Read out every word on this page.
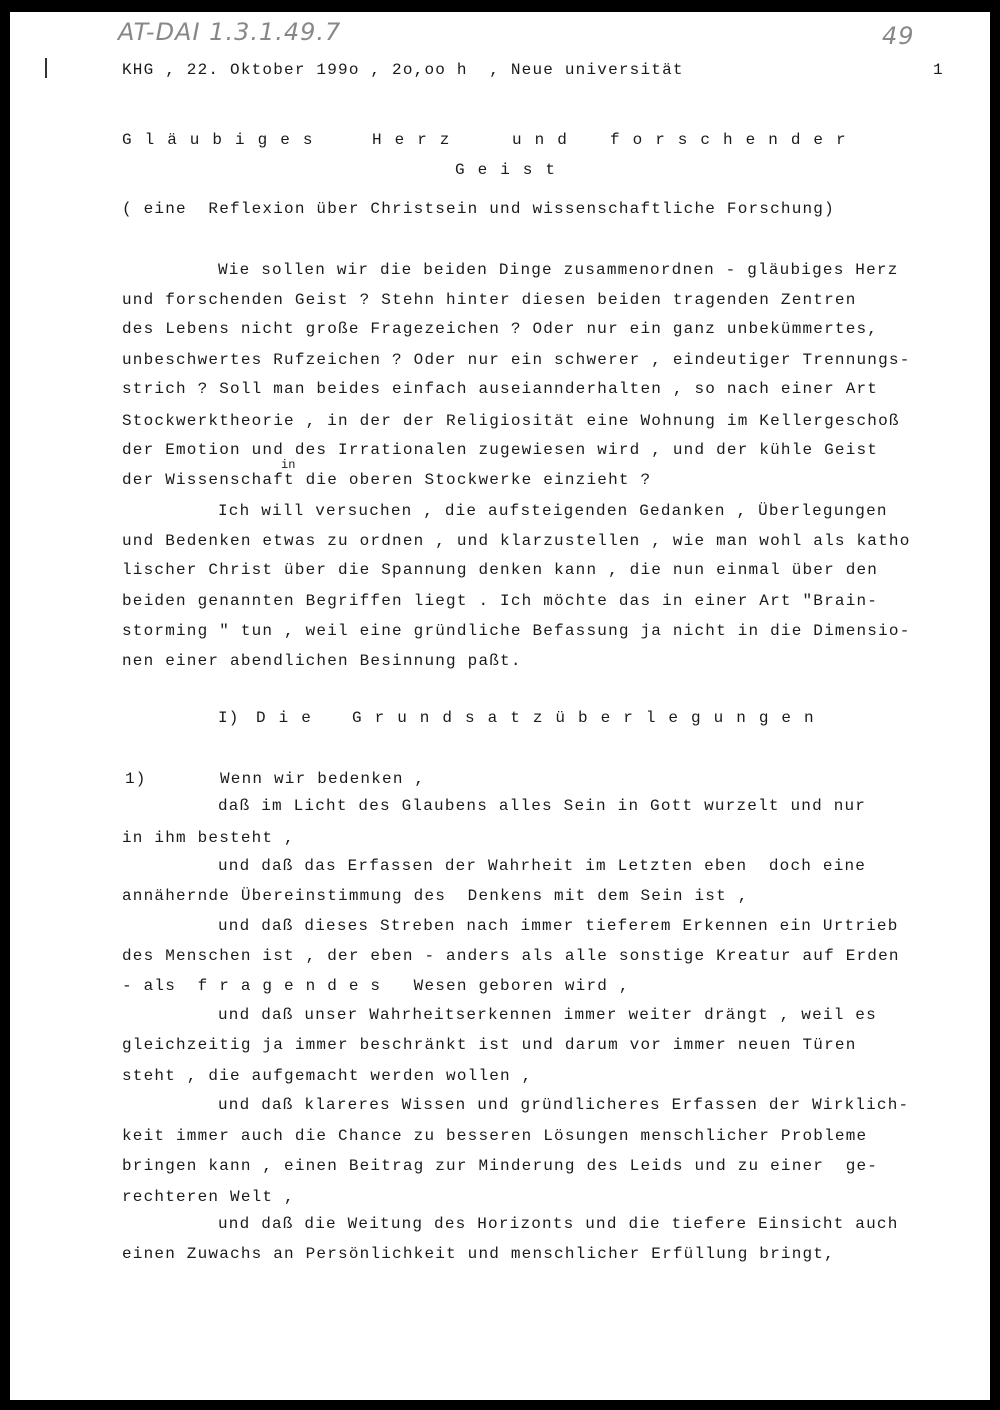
AT-DAI 1.3.1.49.7	49
KHG , 22. Oktober 199o , 2o,oo h  , Neue universität	1
Gläubiges	Herz	und forschender
Geist
( eine  Reflexion über Christsein und wissenschaftliche Forschung)
Wie sollen wir die beiden Dinge zusammenordnen - gläubiges Herz
und forschenden Geist ? Stehn hinter diesen beiden tragenden Zentren
des Lebens nicht große Fragezeichen ? Oder nur ein ganz unbekümmertes,
unbeschwertes Rufzeichen ? Oder nur ein schwerer , eindeutiger Trennungs-
strich ? Soll man beides einfach auseiannderhalten , so nach einer Art
Stockwerktheorie , in der der Religiosität eine Wohnung im Kellergeschoß
der Emotion und des Irrationalen zugewiesen wird , und der kühle Geist
in
der Wissenschaft die oberen Stockwerke einzieht ?
Ich will versuchen , die aufsteigenden Gedanken , Überlegungen
und Bedenken etwas zu ordnen , und klarzustellen , wie man wohl als katho
lischer Christ über die Spannung denken kann , die nun einmal über den
beiden genannten Begriffen liegt . Ich möchte das in einer Art "Brain-
storming " tun , weil eine gründliche Befassung ja nicht in die Dimensio-
nen einer abendlichen Besinnung paßt.
I) Die Grundsatzüberlegungen
1)	Wenn wir bedenken ,
daß im Licht des Glaubens alles Sein in Gott wurzelt und nur
in ihm besteht ,
und daß das Erfassen der Wahrheit im Letzten eben  doch eine
annähernde Übereinstimmung des  Denkens mit dem Sein ist ,
und daß dieses Streben nach immer tieferem Erkennen ein Urtrieb
des Menschen ist , der eben - anders als alle sonstige Kreatur auf Erden
- als  f r a g e n d e s   Wesen geboren wird ,
und daß unser Wahrheitserkennen immer weiter drängt , weil es
gleichzeitig ja immer beschränkt ist und darum vor immer neuen Türen
steht , die aufgemacht werden wollen ,
und daß klareres Wissen und gründlicheres Erfassen der Wirklich-
keit immer auch die Chance zu besseren Lösungen menschlicher Probleme
bringen kann , einen Beitrag zur Minderung des Leids und zu einer  ge-
rechteren Welt ,
und daß die Weitung des Horizonts und die tiefere Einsicht auch
einen Zuwachs an Persönlichkeit und menschlicher Erfüllung bringt,
